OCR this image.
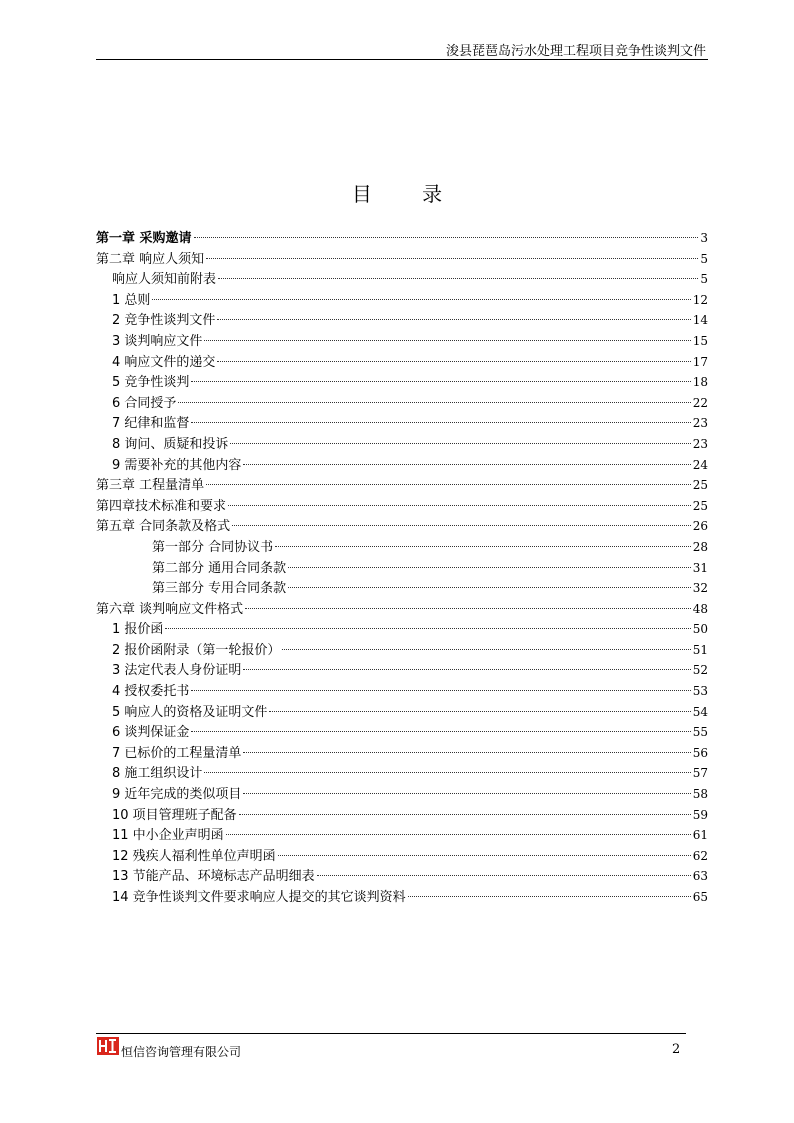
浚县琵琶岛污水处理工程项目竞争性谈判文件
目 录
第一章 采购邀请	3
第二章 响应人须知	5
响应人须知前附表	5
1 总则	12
2 竞争性谈判文件	14
3 谈判响应文件	15
4 响应文件的递交	17
5 竞争性谈判	18
6 合同授予	22
7 纪律和监督	23
8 询问、质疑和投诉	23
9 需要补充的其他内容	24
第三章 工程量清单	25
第四章技术标准和要求	25
第五章 合同条款及格式	26
第一部分 合同协议书	28
第二部分 通用合同条款	31
第三部分 专用合同条款	32
第六章 谈判响应文件格式	48
1 报价函	50
2 报价函附录（第一轮报价）	51
3 法定代表人身份证明	52
4 授权委托书	53
5 响应人的资格及证明文件	54
6 谈判保证金	55
7 已标价的工程量清单	56
8 施工组织设计	57
9 近年完成的类似项目	58
10 项目管理班子配备	59
11 中小企业声明函	61
12 残疾人福利性单位声明函	62
13 节能产品、环境标志产品明细表	63
14 竞争性谈判文件要求响应人提交的其它谈判资料	65
恒信咨询管理有限公司	2
